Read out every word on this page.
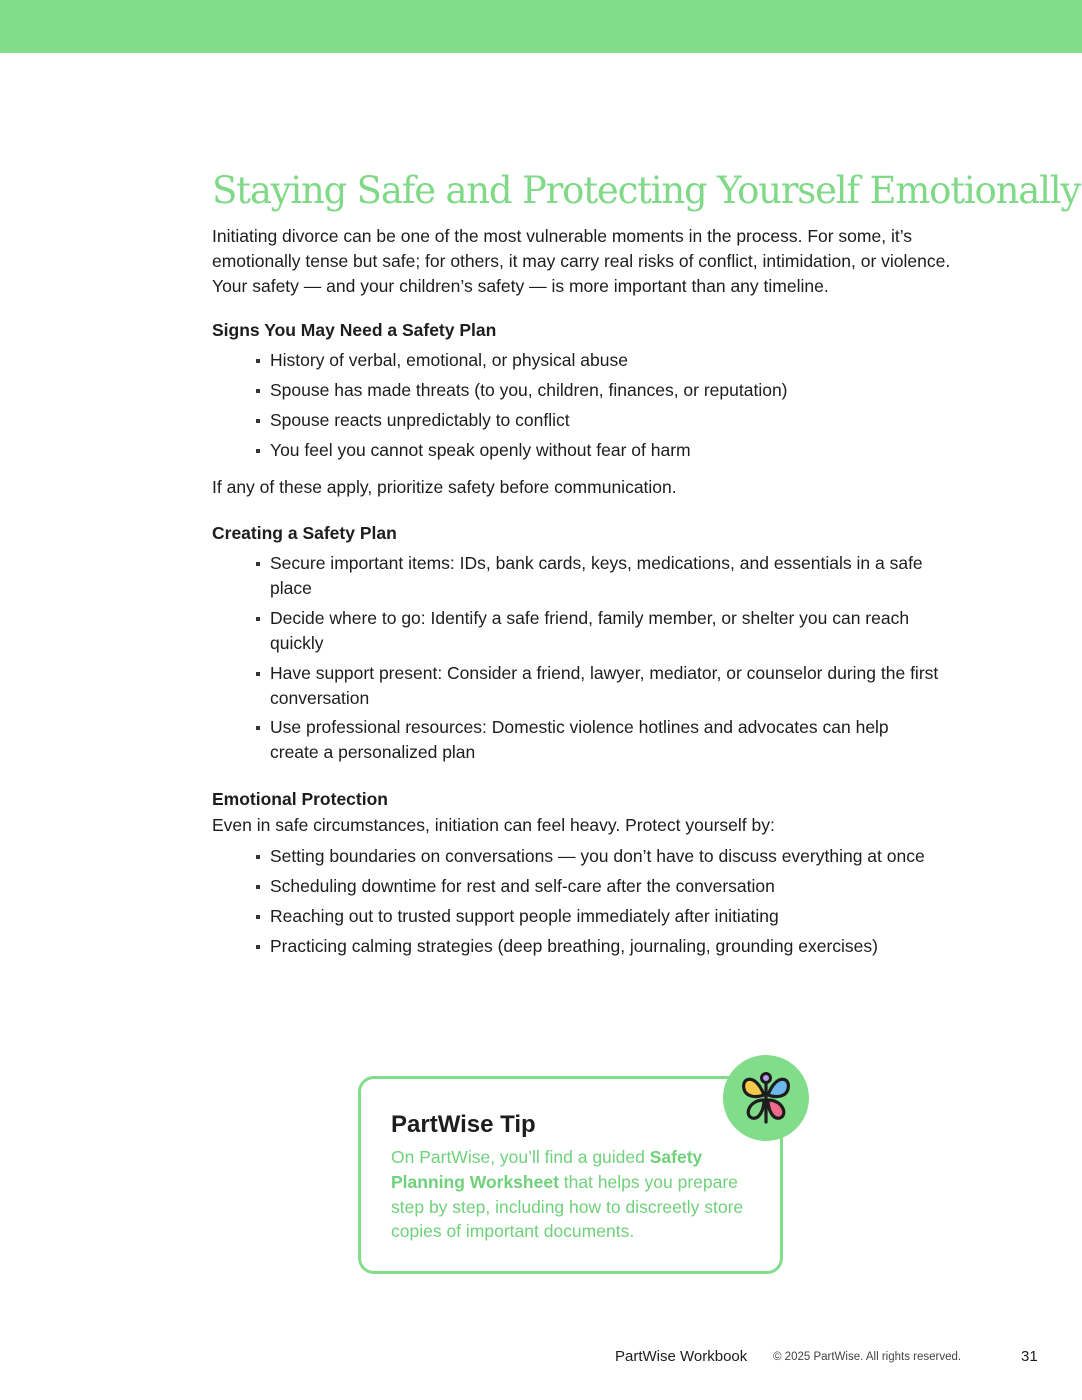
Staying Safe and Protecting Yourself Emotionally

Initiating divorce can be one of the most vulnerable moments in the process. For some, it’s emotionally tense but safe; for others, it may carry real risks of conflict, intimidation, or violence. Your safety — and your children’s safety — is more important than any timeline.

Signs You May Need a Safety Plan
History of verbal, emotional, or physical abuse
Spouse has made threats (to you, children, finances, or reputation)
Spouse reacts unpredictably to conflict
You feel you cannot speak openly without fear of harm

If any of these apply, prioritize safety before communication.

Creating a Safety Plan
Secure important items: IDs, bank cards, keys, medications, and essentials in a safe place
Decide where to go: Identify a safe friend, family member, or shelter you can reach quickly
Have support present: Consider a friend, lawyer, mediator, or counselor during the first conversation
Use professional resources: Domestic violence hotlines and advocates can help create a personalized plan
Emotional Protection

Even in safe circumstances, initiation can feel heavy. Protect yourself by:

Setting boundaries on conversations — you don’t have to discuss everything at once
Scheduling downtime for rest and self-care after the conversation
Reaching out to trusted support people immediately after initiating
Practicing calming strategies (deep breathing, journaling, grounding exercises)
PartWise Tip
On PartWise, you’ll find a guided Safety Planning Worksheet that helps you prepare step by step, including how to discreetly store copies of important documents.
PartWise Workbook © 2025 PartWise. All rights reserved.	31
